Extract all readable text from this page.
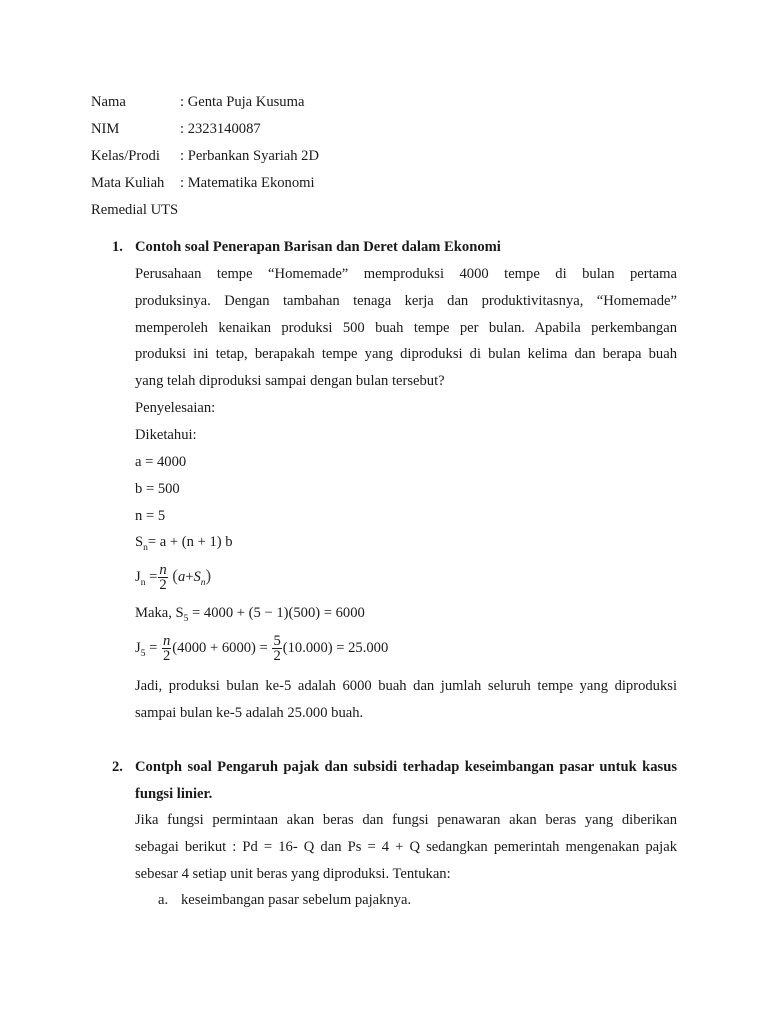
Nama	: Genta Puja Kusuma
NIM	: 2323140087
Kelas/Prodi : Perbankan Syariah 2D
Mata Kuliah : Matematika Ekonomi
Remedial UTS
1. Contoh soal Penerapan Barisan dan Deret dalam Ekonomi
Perusahaan tempe “Homemade” memproduksi 4000 tempe di bulan pertama
produksinya. Dengan tambahan tenaga kerja dan produktivitasnya, “Homemade”
memperoleh kenaikan produksi 500 buah tempe per bulan. Apabila perkembangan
produksi ini tetap, berapakah tempe yang diproduksi di bulan kelima dan berapa buah
yang telah diproduksi sampai dengan bulan tersebut?
Penyelesaian:
Diketahui:
a = 4000
b = 500
n = 5
$S_n= a + (n + 1)$ b
$J_n = \frac{n}{2} (a+S_n)$
Maka, $S_5 = 4000 + (5 - 1)(500) = 6000$
$J_5 = \frac{n}{2} (4000 + 6000) = \frac{5}{2} (10.000) = 25.000$
Jadi, produksi bulan ke-5 adalah 6000 buah dan jumlah seluruh tempe yang diproduksi
sampai bulan ke-5 adalah 25.000 buah.
2. Contph soal Pengaruh pajak dan subsidi terhadap keseimbangan pasar untuk kasus
fungsi linier.
Jika fungsi permintaan akan beras dan fungsi penawaran akan beras yang diberikan
sebagai berikut : Pd = 16- Q dan Ps = 4 + Q sedangkan pemerintah mengenakan pajak
sebesar 4 setiap unit beras yang diproduksi. Tentukan:
a. keseimbangan pasar sebelum pajaknya.
